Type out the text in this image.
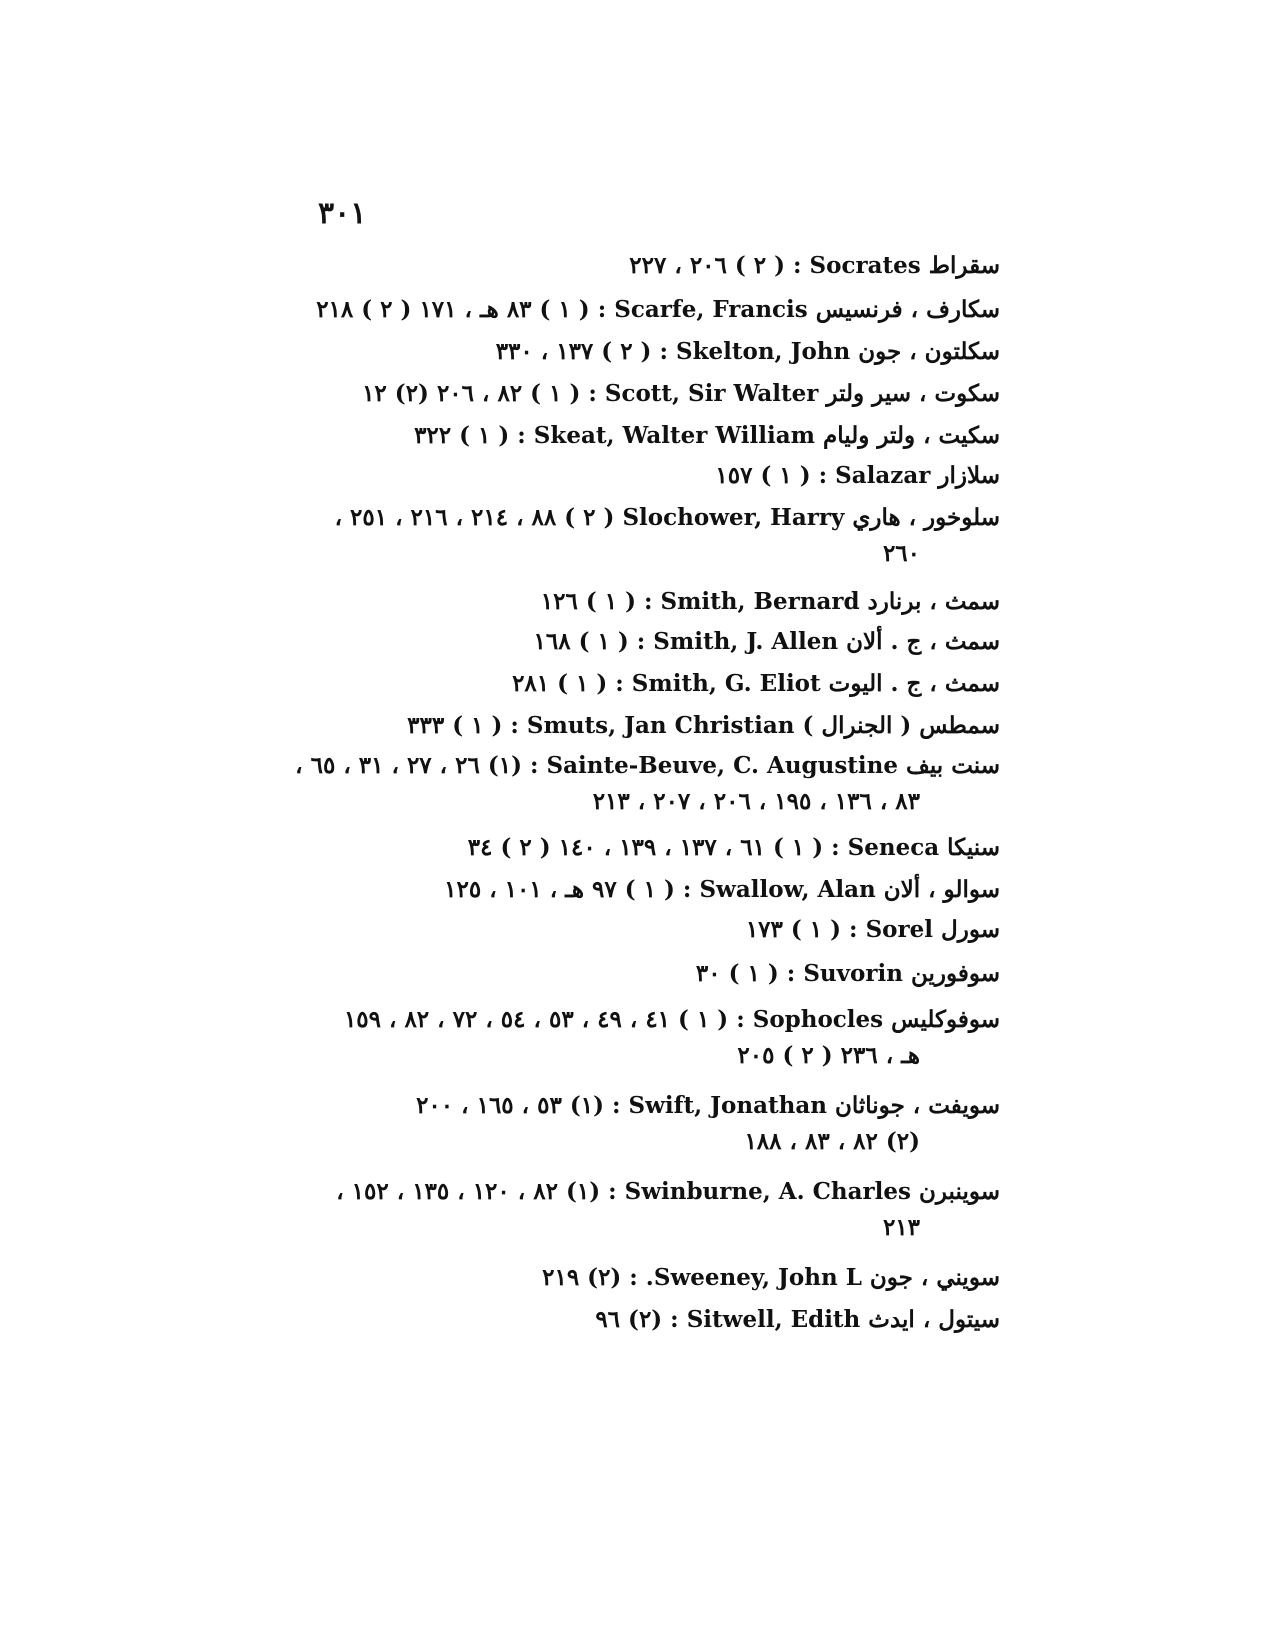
٣٠١
سقراط Socrates : ( ٢ ) ٢٠٦ ، ٢٢٧
سكارف ، فرنسيس Scarfe, Francis : ( ١ ) ٨٣ هـ ، ١٧١ ( ٢ ) ٢١٨
سكلتون ، جون Skelton, John : ( ٢ ) ١٣٧ ، ٣٣٠
سكوت ، سير ولتر Scott, Sir Walter : ( ١ ) ٨٢ ، ٢٠٦ (٢) ١٢
سكيت ، ولتر وليام Skeat, Walter William : ( ١ ) ٣٢٢
سلازار Salazar : ( ١ ) ١٥٧
سلوخور ، هاري Slochower, Harry ( ٢ ) ٨٨ ، ٢١٤ ، ٢١٦ ، ٢٥١ ،
٢٦٠
سمث ، برنارد Smith, Bernard : ( ١ ) ١٢٦
سمث ، ج . ألان Smith, J. Allen : ( ١ ) ١٦٨
سمث ، ج . اليوت Smith, G. Eliot : ( ١ ) ٢٨١
سمطس ( الجنرال ) Smuts, Jan Christian : ( ١ ) ٣٣٣
سنت بيف Sainte-Beuve, C. Augustine : (١) ٢٦ ، ٢٧ ، ٣١ ، ٦٥ ،
٨٣ ، ١٣٦ ، ١٩٥ ، ٢٠٦ ، ٢٠٧ ، ٢١٣
سنيكا Seneca : ( ١ ) ٦١ ، ١٣٧ ، ١٣٩ ، ١٤٠ ( ٢ ) ٣٤
سوالو ، ألان Swallow, Alan : ( ١ ) ٩٧ هـ ، ١٠١ ، ١٢٥
سورل Sorel : ( ١ ) ١٧٣
سوفورين Suvorin : ( ١ ) ٣٠
سوفوكليس Sophocles : ( ١ ) ٤١ ، ٤٩ ، ٥٣ ، ٥٤ ، ٧٢ ، ٨٢ ، ١٥٩
هـ ، ٢٣٦ ( ٢ ) ٢٠٥
سويفت ، جوناثان Swift, Jonathan : (١) ٥٣ ، ١٦٥ ، ٢٠٠
(٢) ٨٢ ، ٨٣ ، ١٨٨
سوينبرن Swinburne, A. Charles : (١) ٨٢ ، ١٢٠ ، ١٣٥ ، ١٥٢ ،
٢١٣
سويني ، جون Sweeney, John L. : (٢) ٢١٩
سيتول ، ايدث Sitwell, Edith : (٢) ٩٦
